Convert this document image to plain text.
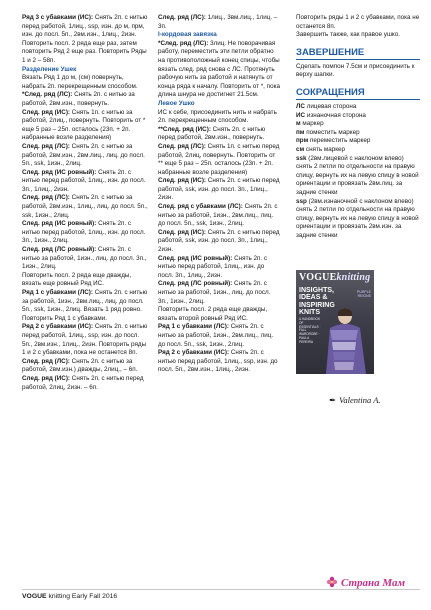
Ряд 3 с убавками (ИС): Снять 2п. с нитью перед работой, 1лиц., ssp, изн. до м, прм, изн. до посл. 5п., 2вм.изн., 1лиц., 2изн.

Повторить посл. 2 ряда еще раз, затем повторить Ряд 2 еще раз. Повторить Ряды 1 и 2 – 58п.

Разделение Ушек

Вязать Ряд 1 до м, (см) повернуть, набрать 2п. перекрещенным способом.

*След. ряд (ЛС): Снять 2п. с нитью за работой, 2вм.изн., повернуть.

След. ряд (ИС): Снять 1п. с нитью за работой, 2лиц., повернуть. Повторить от * еще 5 раз – 25п. осталось (23п. + 2п. набранные возле разделения)

След. ряд (ЛС): Снять 2п. с нитью за работой, 2вм.изн., 2вм.лиц., лиц. до посл. 5п., ssk, 1изн., 2лиц.

След. ряд (ИС ровный): Снять 2п. с нитью перед работой, 1лиц., изн. до посл. 3п., 1лиц., 2изн.

След. ряд (ЛС): Снять 2п. с нитью за работой, 2вм.изн., 1лиц., лиц. до посл. 5п., ssk, 1изн., 2лиц.

След. ряд (ИС ровный): Снять 2п. с нитью перед работой, 1лиц., изн. до посл. 3п., 1изн., 2лиц.

След. ряд (ЛС ровный): Снять 2п. с нитью за работой, 1изн., лиц. до посл. 3п., 1изн., 2лиц.

Повторить посл. 2 ряда еще дважды, вязать еще ровный Ряд ИС.

Ряд 1 с убавками (ЛС): Снять 2п. с нитью за работой, 1изн., 2вм.лиц., лиц. до посл. 5п., ssk, 1изн., 2лиц. Вязать 1 ряд ровно. Повторить Ряд 1 с убавками.

Ряд 2 с убавками (ИС): Снять 2п. с нитью перед работой, 1лиц., ssp, изн. до посл. 5п., 2вм.изн., 1лиц., 2изн. Повторить ряды 1 и 2 с убавками, пока не останется 8п.

След. ряд (ЛС): Снять 2п. с нитью за работой, 2вм.изн.) дважды, 2лиц., – 6п.

След. ряд (ИС): Снять 2п. с нитью перед работой, 2лиц, 2изн. – 6п.

След. ряд (ЛС): 1лиц., 3вм.лиц., 1лиц. – 3п.

I-кордовая завязка

*След. ряд (ЛС): 3лиц. Не поворачивая работу, переместить эти петли обратно на противоположный конец спицы, чтобы вязать след. ряд снова с ЛС. Протянуть рабочую нить за работой и натянуть от конца ряда к началу. Повторить от *, пока длина шнура не достигнет 21.5см.

Левое Ушко

ИС к себе, присоединить нить и набрать 2п. перекрещенным способом.

**След. ряд (ИС): Снять 2п. с нитью перед работой, 2вм.изн., повернуть.

След. ряд (ЛС): Снять 1п. с нитью перед работой, 2лиц, повернуть. Повторить от ** еще 5 раз – 25п. осталось (23п. + 2п. набранные возле разделения)

След. ряд (ИС): Снять 2п. с нитью перед работой, ssk, изн. до посл. 3п., 1лиц., 2изн.

След. ряд с убавками (ЛС): Снять 2п. с нитью за работой, 1изн., 2вм.лиц., лиц. до посл. 5п., ssk, 1изн., 2лиц.

След. ряд (ИС): Снять 2п. с нитью перед работой, ssk, изн. до посл. 3п., 1лиц., 2изн.

След. ряд (ИС ровный): Снять 2п. с нитью перед работой, 1лиц., изн. до посл. 3п., 1лиц., 2изн.

След. ряд (ЛС ровный): Снять 2п. с нитью за работой, 1изн., лиц. до посл. 3п., 1изн., 2лиц.

Повторить посл. 2 ряда еще дважды, вязать второй ровный Ряд ИС.

Ряд 1 с убавками (ЛС): Снять 2п. с нитью за работой, 1изн., 2вм.лиц., лиц. до посл. 5п., ssk, 1изн., 2лиц.

Ряд 2 с убавками (ИС): Снять 2п. с нитью перед работой, 1лиц., ssp, изн. до посл. 5п., 2вм.изн., 1лиц., 2изн.

Повторить ряды 1 и 2 с убавками, пока не останется 8п.

Завершить также, как правое ушко.

ЗАВЕРШЕНИЕ

Сделать помпон 7.5см и присоединить к верху шапки.

СОКРАЩЕНИЯ

ЛС лицевая сторона

ИС изнаночная сторона

м маркер

пм поместить маркер

прм переместить маркер

см снять маркер

ssk (2вм.лицевой с наклоном влево) снять 2 петли по отдельности на правую спицу, вернуть их на левую спицу в новой ориентации и провязать 2вм.лиц. за задние стенки

ssp (2вм.изнаночной с наклоном влево) снять 2 петли по отдельности на правую спицу, вернуть их на левую спицу в новой ориентации и провязать 2вм.изн. за задние стенки

VOGUEknitting
INSIGHTS, IDEAS & INSPIRING KNITS
PURPLE REIGNS
A HANDBOOK OF ESSENTIALS · FALL WARDROBE · PAULA PEREIRA
✒ Valentina A.
Страна Мам
VOGUE knitting Early Fall 2016
